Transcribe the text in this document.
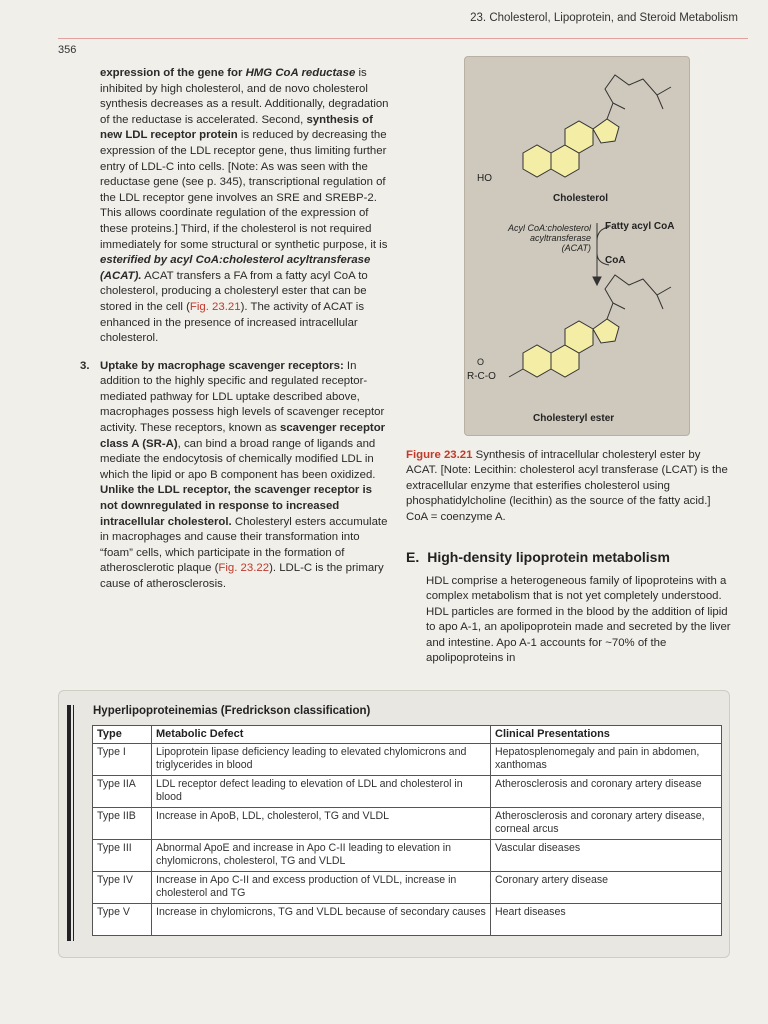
23. Cholesterol, Lipoprotein, and Steroid Metabolism
356

expression of the gene for HMG CoA reductase is inhibited by high cholesterol, and de novo cholesterol synthesis decreases as a result. Additionally, degradation of the reductase is accelerated. Second, synthesis of new LDL receptor protein is reduced by decreasing the expression of the LDL receptor gene, thus limiting further entry of LDL-C into cells. [Note: As was seen with the reductase gene (see p. 345), transcriptional regulation of the LDL receptor gene involves an SRE and SREBP-2. This allows coordinate regulation of the expression of these proteins.] Third, if the cholesterol is not required immediately for some structural or synthetic purpose, it is esterified by acyl CoA:cholesterol acyltransferase (ACAT). ACAT transfers a FA from a fatty acyl CoA to cholesterol, producing a cholesteryl ester that can be stored in the cell (Fig. 23.21). The activity of ACAT is enhanced in the presence of increased intracellular cholesterol.

3. Uptake by macrophage scavenger receptors: In addition to the highly specific and regulated receptor-mediated pathway for LDL uptake described above, macrophages possess high levels of scavenger receptor activity. These receptors, known as scavenger receptor class A (SR-A), can bind a broad range of ligands and mediate the endocytosis of chemically modified LDL in which the lipid or apo B component has been oxidized. Unlike the LDL receptor, the scavenger receptor is not downregulated in response to increased intracellular cholesterol. Cholesteryl esters accumulate in macrophages and cause their transformation into “foam” cells, which participate in the formation of atherosclerotic plaque (Fig. 23.22). LDL-C is the primary cause of atherosclerosis.

HO
Cholesterol
Acyl CoA:cholesterol
acyltransferase
(ACAT)
Fatty acyl CoA
CoA
O
R-C-O
Cholesteryl ester
Figure 23.21 Synthesis of intracellular cholesteryl ester by ACAT. [Note: Lecithin: cholesterol acyl transferase (LCAT) is the extracellular enzyme that esterifies cholesterol using phosphatidylcholine (lecithin) as the source of the fatty acid.] CoA = coenzyme A.
E. High-density lipoprotein metabolism
HDL comprise a heterogeneous family of lipoproteins with a complex metabolism that is not yet completely understood. HDL particles are formed in the blood by the addition of lipid to apo A-1, an apolipoprotein made and secreted by the liver and intestine. Apo A-1 accounts for ~70% of the apolipoproteins in
Hyperlipoproteinemias (Fredrickson classification)
Type	Metabolic Defect	Clinical Presentations
Type I	Lipoprotein lipase deficiency leading to elevated chylomicrons and triglycerides in blood	Hepatosplenomegaly and pain in abdomen, xanthomas
Type IIA	LDL receptor defect leading to elevation of LDL and cholesterol in blood	Atherosclerosis and coronary artery disease
Type IIB	Increase in ApoB, LDL, cholesterol, TG and VLDL	Atherosclerosis and coronary artery disease, corneal arcus
Type III	Abnormal ApoE and increase in Apo C-II leading to elevation in chylomicrons, cholesterol, TG and VLDL	Vascular diseases
Type IV	Increase in Apo C-II and excess production of VLDL, increase in cholesterol and TG	Coronary artery disease
Type V	Increase in chylomicrons, TG and VLDL because of secondary causes	Heart diseases
